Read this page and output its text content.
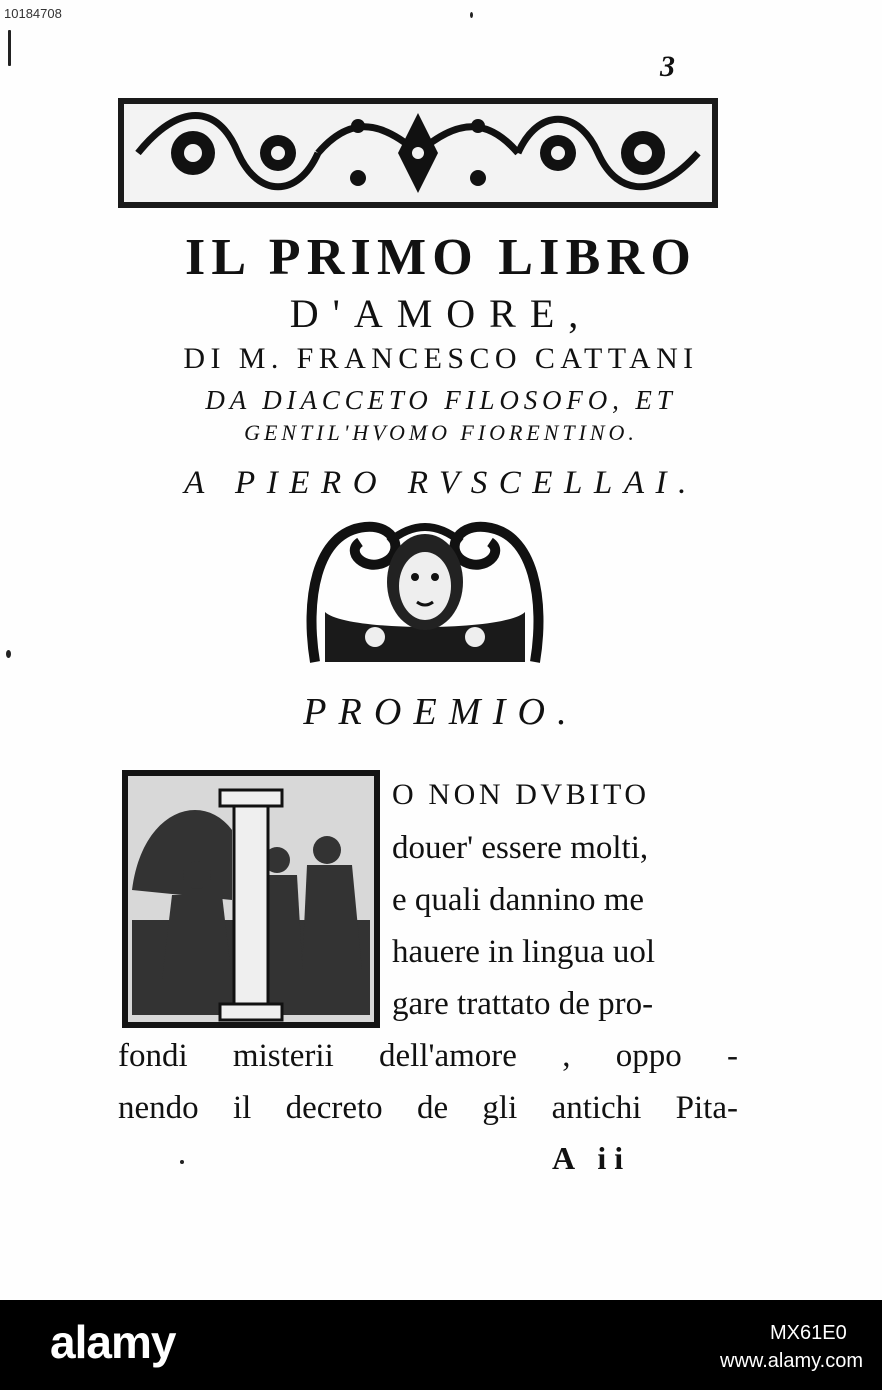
10184708
3
IL PRIMO LIBRO
D'AMORE,
DI M. FRANCESCO CATTANI
DA DIACCETO FILOSOFO, ET
GENTIL'HVOMO FIORENTINO.
A PIERO RVSCELLAI.
PROEMIO.
O NON DVBITO
douer' essere molti,
e quali dannino me
hauere in lingua uol
gare trattato de pro-
fondi misterii dell'amore , oppo -
nendo il decreto de gli antichi Pita-
A ii
alamy	MX61E0
www.alamy.com
